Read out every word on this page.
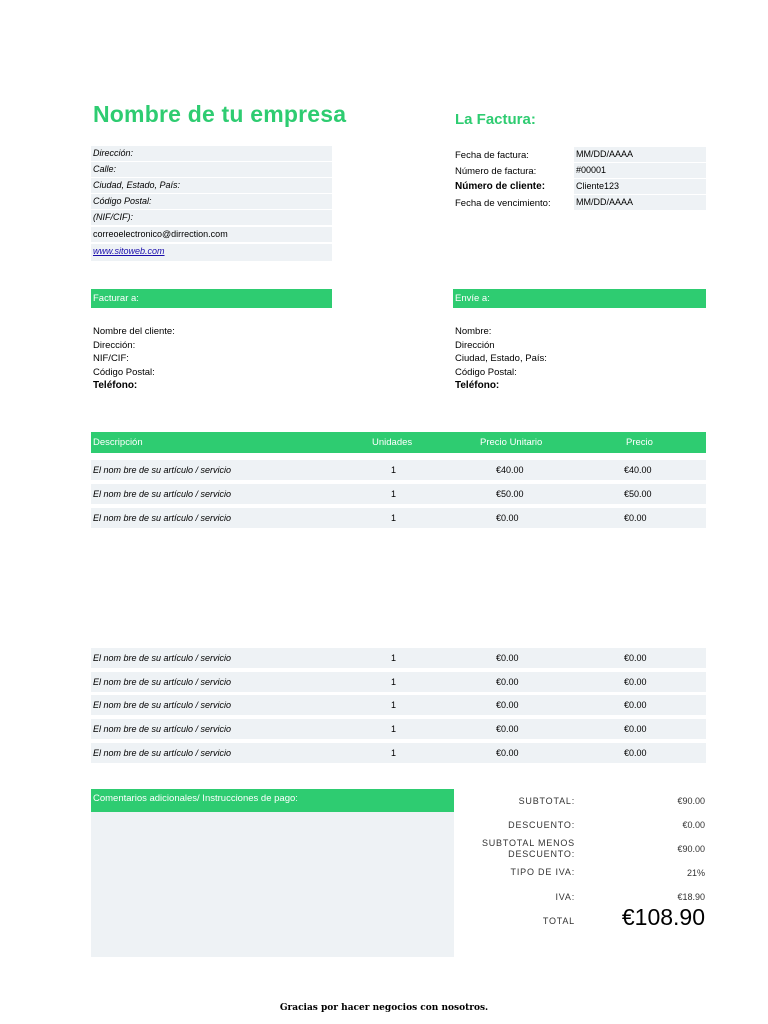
Nombre de tu empresa	La Factura:
Dirección:
Calle:
Ciudad, Estado, País:
Código Postal:
(NIF/CIF):
correoelectronico@dirrection.com
www.sitoweb.com
Fecha de factura:	MM/DD/AAAA
Número de factura:	#00001
Número de cliente:	Cliente123
Fecha de vencimiento:	MM/DD/AAAA
Facturar a:	Envíe a:
Nombre del cliente:
Dirección:
NIF/CIF:
Código Postal:
Teléfono:
Nombre:
Dirección
Ciudad, Estado, País:
Código Postal:
Teléfono:
Descripción	Unidades	Precio Unitario	Precio
El nom bre de su artículo / servicio	1	€40.00	€40.00
El nom bre de su artículo / servicio	1	€50.00	€50.00
El nom bre de su artículo / servicio	1	€0.00	€0.00
El nom bre de su artículo / servicio	1	€0.00	€0.00
El nom bre de su artículo / servicio	1	€0.00	€0.00
El nom bre de su artículo / servicio	1	€0.00	€0.00
El nom bre de su artículo / servicio	1	€0.00	€0.00
El nom bre de su artículo / servicio	1	€0.00	€0.00
Comentarios adicionales/ Instrucciones de pago:	SUBTOTAL:	€90.00
DESCUENTO:	€0.00
SUBTOTAL MENOS
DESCUENTO:	€90.00
TIPO DE IVA:	21%
IVA:	€18.90
TOTAL €108.90
Gracias por hacer negocios con nosotros.
